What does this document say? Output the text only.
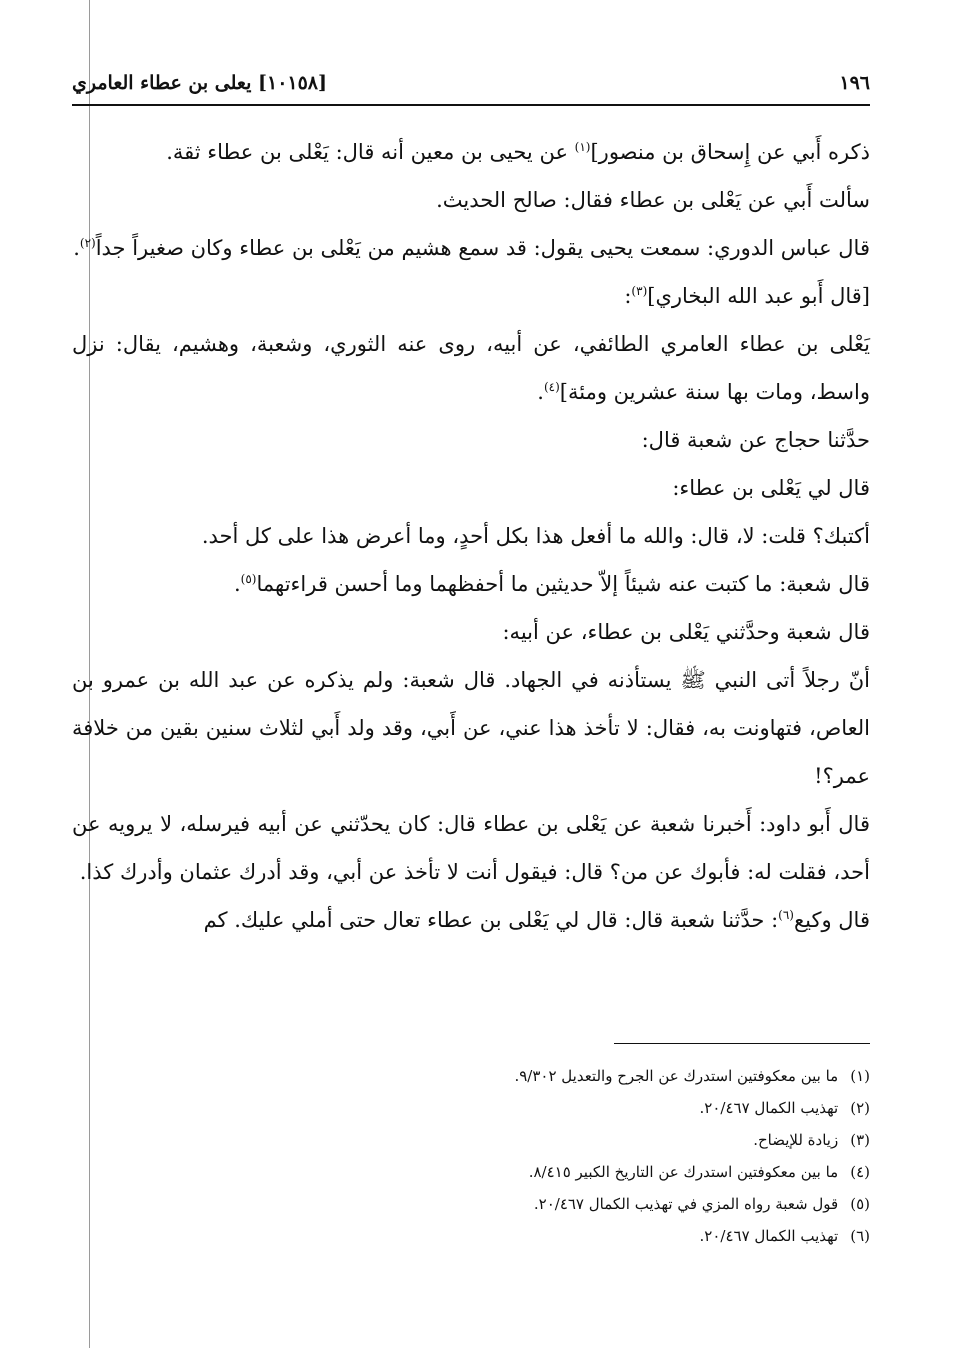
١٩٦
[١٠١٥٨] يعلى بن عطاء العامري

ذكره أَبي عن إِسحاق بن منصور]$^{(١)}$ عن يحيى بن معين أنه قال: يَعْلى بن عطاء ثقة.

سألت أَبي عن يَعْلى بن عطاء فقال: صالح الحديث.

قال عباس الدوري: سمعت يحيى يقول: قد سمع هشيم من يَعْلى بن عطاء وكان صغيراً جداً$^{(٢)}$.

[قال أَبو عبد الله البخاري]$^{(٣)}$:

يَعْلى بن عطاء العامري الطائفي، عن أبيه، روى عنه الثوري، وشعبة، وهشيم، يقال: نزل واسط، ومات بها سنة عشرين ومئة]$^{(٤)}$.

حدَّثنا حجاج عن شعبة قال:

قال لي يَعْلى بن عطاء:

أكتبك؟ قلت: لا، قال: والله ما أفعل هذا بكل أحدٍ، وما أعرض هذا على كل أحد.

قال شعبة: ما كتبت عنه شيئاً إلاّ حديثين ما أحفظهما وما أحسن قراءتهما$^{(٥)}$.

قال شعبة وحدَّثني يَعْلى بن عطاء، عن أبيه:

أنّ رجلاً أتى النبي ﷺ يستأذنه في الجهاد. قال شعبة: ولم يذكره عن عبد الله بن عمرو بن العاص، فتهاونت به، فقال: لا تأخذ هذا عني، عن أَبي، وقد ولد أَبي لثلاث سنين بقين من خلافة عمر؟!

قال أَبو داود: أَخبرنا شعبة عن يَعْلى بن عطاء قال: كان يحدّثني عن أبيه فيرسله، لا يرويه عن أحد، فقلت له: فأبوك عن من؟ قال: فيقول أنت لا تأخذ عن أبي، وقد أدرك عثمان وأدرك كذا.

قال وكيع$^{(٦)}$: حدَّثنا شعبة قال: قال لي يَعْلى بن عطاء تعال حتى أملي عليك. كم

(١)
ما بين معكوفتين استدرك عن الجرح والتعديل ٩/٣٠٢.
(٢)
تهذيب الكمال ٢٠/٤٦٧.
(٣)
زيادة للإيضاح.
(٤)
ما بين معكوفتين استدرك عن التاريخ الكبير ٨/٤١٥.
(٥)
قول شعبة رواه المزي في تهذيب الكمال ٢٠/٤٦٧.
(٦)
تهذيب الكمال ٢٠/٤٦٧.
